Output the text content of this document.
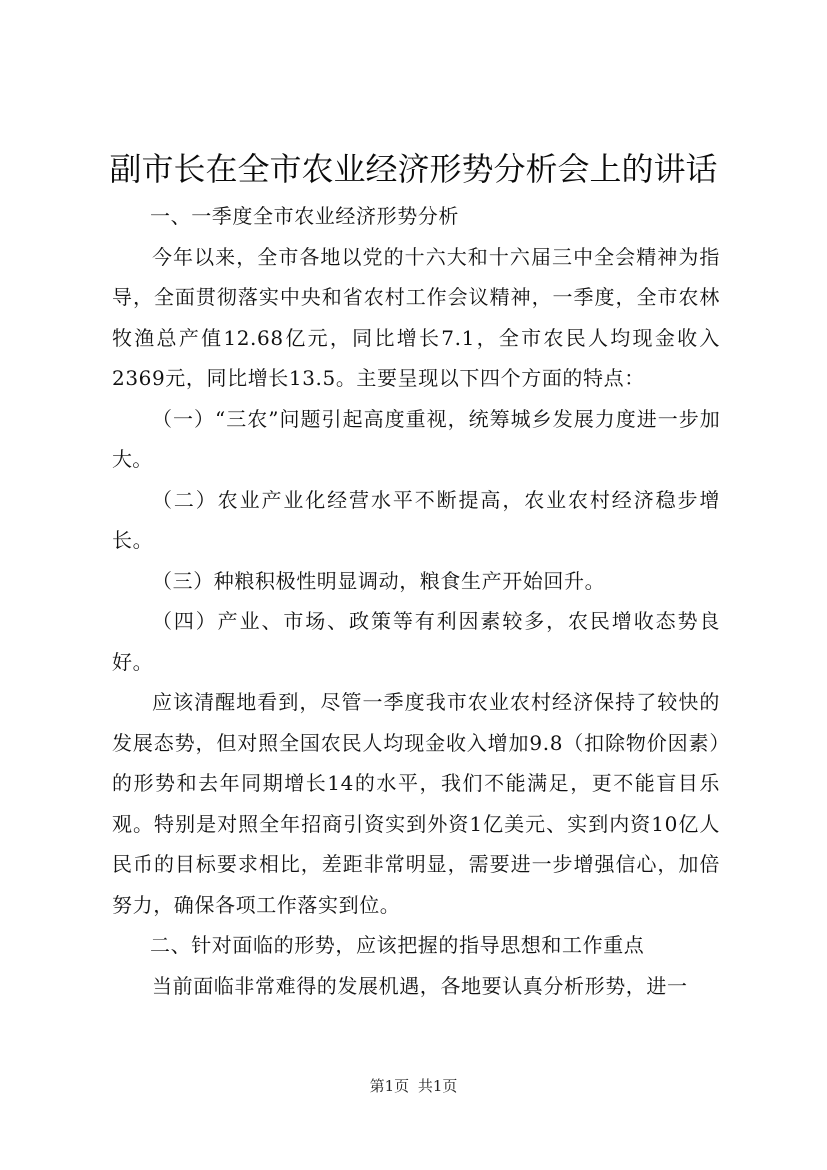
副市长在全市农业经济形势分析会上的讲话

一、一季度全市农业经济形势分析

今年以来，全市各地以党的十六大和十六届三中全会精神为指导，全面贯彻落实中央和省农村工作会议精神，一季度，全市农林牧渔总产值12.68亿元，同比增长7.1，全市农民人均现金收入2369元，同比增长13.5。主要呈现以下四个方面的特点：

（一）“三农”问题引起高度重视，统筹城乡发展力度进一步加大。

（二）农业产业化经营水平不断提高，农业农村经济稳步增长。

（三）种粮积极性明显调动，粮食生产开始回升。

（四）产业、市场、政策等有利因素较多，农民增收态势良好。

应该清醒地看到，尽管一季度我市农业农村经济保持了较快的发展态势，但对照全国农民人均现金收入增加9.8（扣除物价因素）的形势和去年同期增长14的水平，我们不能满足，更不能盲目乐观。特别是对照全年招商引资实到外资1亿美元、实到内资10亿人民币的目标要求相比，差距非常明显，需要进一步增强信心，加倍努力，确保各项工作落实到位。

二、针对面临的形势，应该把握的指导思想和工作重点

当前面临非常难得的发展机遇，各地要认真分析形势，进一

第1页 共1页
